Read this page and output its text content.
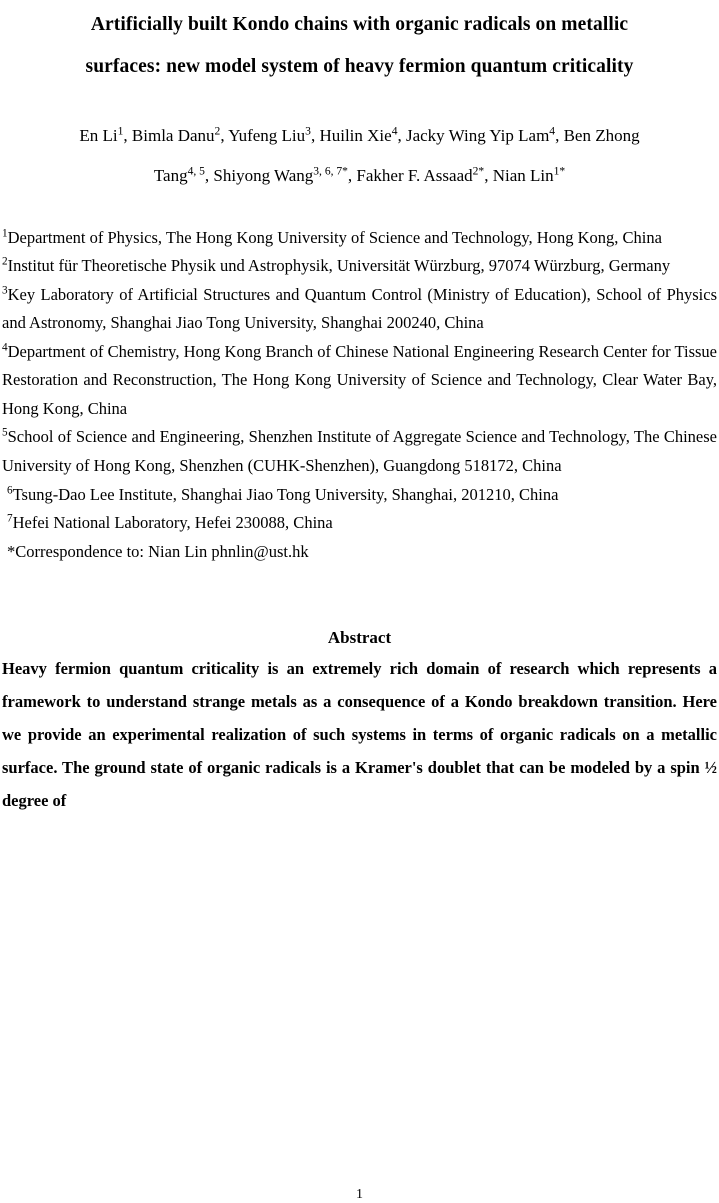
Artificially built Kondo chains with organic radicals on metallic
surfaces: new model system of heavy fermion quantum criticality

En Li$^1$, Bimla Danu$^2$, Yufeng Liu$^3$, Huilin Xie$^4$, Jacky Wing Yip Lam$^4$, Ben Zhong
Tang$^{4, 5}$, Shiyong Wang$^{3, 6, 7*}$, Fakher F. Assaad$^{2*}$, Nian Lin$^{1*}$

$^1$Department of Physics, The Hong Kong University of Science and Technology, Hong Kong, China

$^2$Institut für Theoretische Physik und Astrophysik, Universität Würzburg, 97074 Würzburg, Germany

$^3$Key Laboratory of Artificial Structures and Quantum Control (Ministry of Education), School of Physics and Astronomy, Shanghai Jiao Tong University, Shanghai 200240, China

$^4$Department of Chemistry, Hong Kong Branch of Chinese National Engineering Research Center for Tissue Restoration and Reconstruction, The Hong Kong University of Science and Technology, Clear Water Bay, Hong Kong, China

$^5$School of Science and Engineering, Shenzhen Institute of Aggregate Science and Technology, The Chinese University of Hong Kong, Shenzhen (CUHK-Shenzhen), Guangdong 518172, China

$^6$Tsung-Dao Lee Institute, Shanghai Jiao Tong University, Shanghai, 201210, China

$^7$Hefei National Laboratory, Hefei 230088, China

*Correspondence to: Nian Lin phnlin@ust.hk

Abstract

Heavy fermion quantum criticality is an extremely rich domain of research which represents a framework to understand strange metals as a consequence of a Kondo breakdown transition. Here we provide an experimental realization of such systems in terms of organic radicals on a metallic surface. The ground state of organic radicals is a Kramer's doublet that can be modeled by a spin ½ degree of

1
